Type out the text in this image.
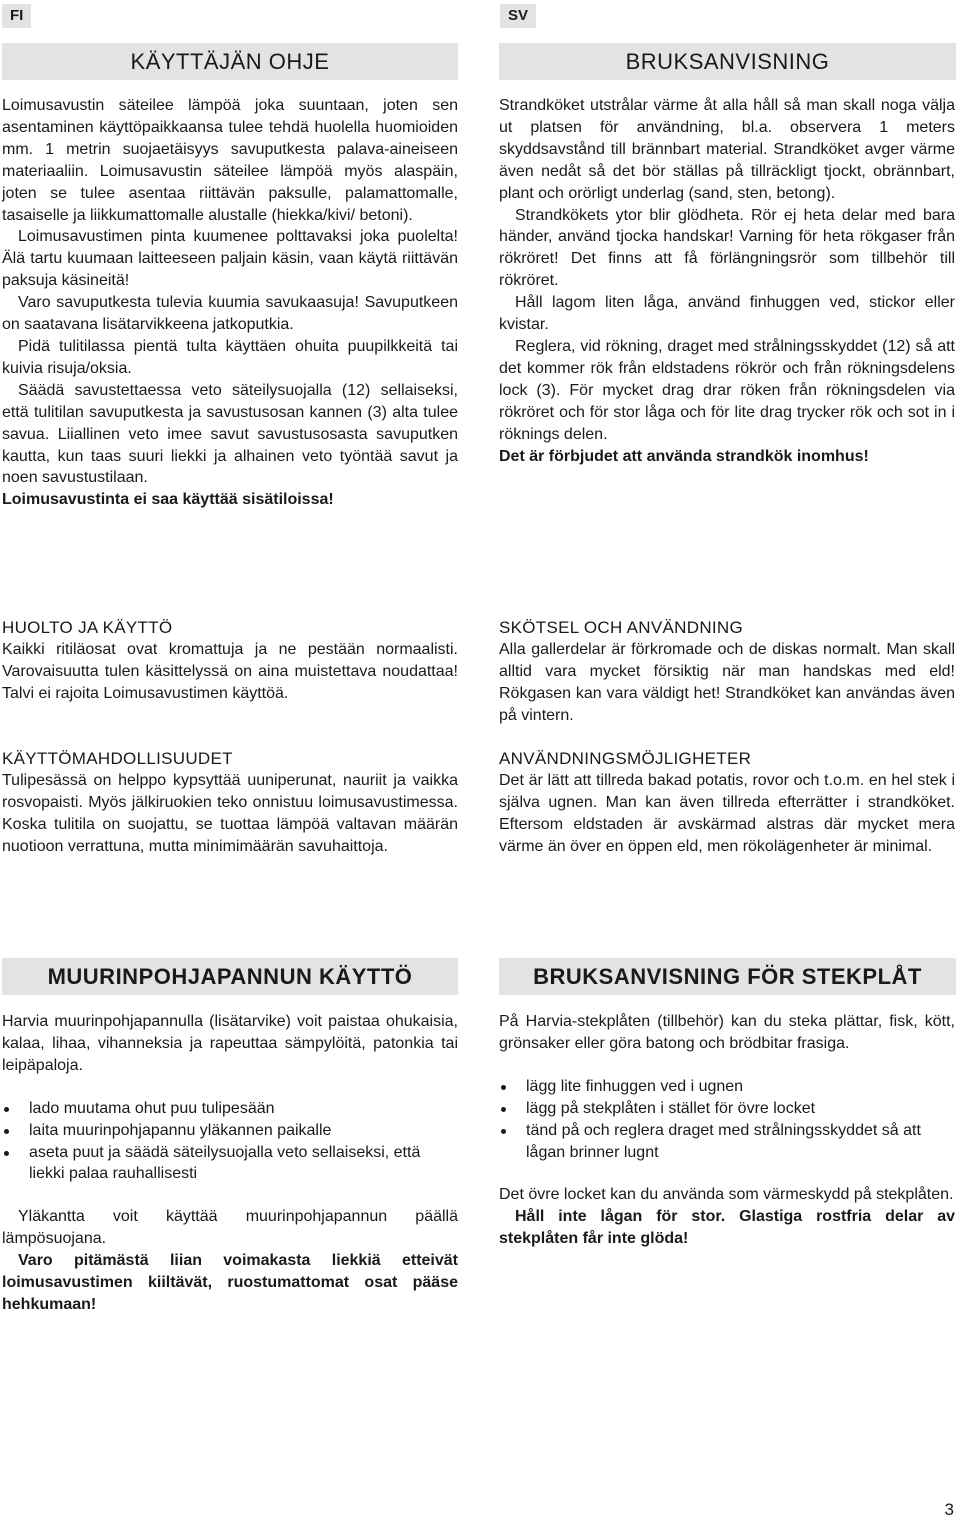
FI	SV
KÄYTTÄJÄN OHJE	BRUKSANVISNING

Loimusavustin säteilee lämpöä joka suuntaan, joten sen asentaminen käyttöpaikkaansa tulee tehdä huolella huomioiden mm. 1 metrin suojaetäisyys savuputkesta palava-aineiseen materiaaliin. Loimusavustin säteilee lämpöä myös alaspäin, joten se tulee asentaa riittävän paksulle, palamattomalle, tasaiselle ja liikkumattomalle alustalle (hiekka/kivi/ betoni).

Loimusavustimen pinta kuumenee polttavaksi joka puolelta! Älä tartu kuumaan laitteeseen paljain käsin, vaan käytä riittävän paksuja käsineitä!

Varo savuputkesta tulevia kuumia savukaasuja! Savuputkeen on saatavana lisätarvikkeena jatkoputkia.

Pidä tulitilassa pientä tulta käyttäen ohuita puupilkkeitä tai kuivia risuja/oksia.

Säädä savustettaessa veto säteilysuojalla (12) sellaiseksi, että tulitilan savuputkesta ja savustusosan kannen (3) alta tulee savua. Liiallinen veto imee savut savustusosasta savuputken kautta, kun taas suuri liekki ja alhainen veto työntää savut ja noen savustustilaan.

Loimusavustinta ei saa käyttää sisätiloissa!

HUOLTO JA KÄYTTÖ

Kaikki ritiläosat ovat kromattuja ja ne pestään normaalisti. Varovaisuutta tulen käsittelyssä on aina muistettava noudattaa! Talvi ei rajoita Loimusavustimen käyttöä.

KÄYTTÖMAHDOLLISUUDET

Tulipesässä on helppo kypsyttää uuniperunat, nauriit ja vaikka rosvopaisti. Myös jälkiruokien teko onnistuu loimusavustimessa. Koska tulitila on suojattu, se tuottaa lämpöä valtavan määrän nuotioon verrattuna, mutta minimimäärän savuhaittoja.

Strandköket utstrålar värme åt alla håll så man skall noga välja ut platsen för användning, bl.a. observera 1 meters skyddsavstånd till brännbart material. Strandköket avger värme även nedåt så det bör ställas på tillräckligt tjockt, obrännbart, plant och orörligt underlag (sand, sten, betong).

Strandkökets ytor blir glödheta. Rör ej heta delar med bara händer, använd tjocka handskar! Varning för heta rökgaser från rökröret! Det finns att få förlängningsrör som tillbehör till rökröret.

Håll lagom liten låga, använd finhuggen ved, stickor eller kvistar.

Reglera, vid rökning, draget med strålningsskyddet (12) så att det kommer rök från eldstadens rökrör och från rökningsdelens lock (3). För mycket drag drar röken från rökningsdelen via rökröret och för stor låga och för lite drag trycker rök och sot in i röknings delen.

Det är förbjudet att använda strandkök inomhus!

SKÖTSEL OCH ANVÄNDNING

Alla gallerdelar är förkromade och de diskas normalt. Man skall alltid vara mycket försiktig när man handskas med eld! Rökgasen kan vara väldigt het! Strandköket kan användas även på vintern.

ANVÄNDNINGSMÖJLIGHETER

Det är lätt att tillreda bakad potatis, rovor och t.o.m. en hel stek i själva ugnen. Man kan även tillreda efterrätter i strandköket. Eftersom eldstaden är avskärmad alstras där mycket mera värme än över en öppen eld, men rökolägenheter är minimal.

MUURINPOHJAPANNUN KÄYTTÖ	BRUKSANVISNING FÖR STEKPLÅT

Harvia muurinpohjapannulla (lisätarvike) voit paistaa ohukaisia, kalaa, lihaa, vihanneksia ja rapeuttaa sämpylöitä, patonkia tai leipäpaloja.

lado muutama ohut puu tulipesään
laita muurinpohjapannu yläkannen paikalle
aseta puut ja säädä säteilysuojalla veto sellaiseksi, että liekki palaa rauhallisesti

Yläkantta voit käyttää muurinpohjapannun päällä lämpösuojana.

Varo pitämästä liian voimakasta liekkiä etteivät loimusavustimen kiiltävät, ruostumattomat osat pääse hehkumaan!

På Harvia-stekplåten (tillbehör) kan du steka plättar, fisk, kött, grönsaker eller göra batong och brödbitar frasiga.

lägg lite finhuggen ved i ugnen
lägg på stekplåten i stället för övre locket
tänd på och reglera draget med strålningsskyddet så att lågan brinner lugnt

Det övre locket kan du använda som värmeskydd på stekplåten.

Håll inte lågan för stor. Glastiga rostfria delar av stekplåten får inte glöda!

3
